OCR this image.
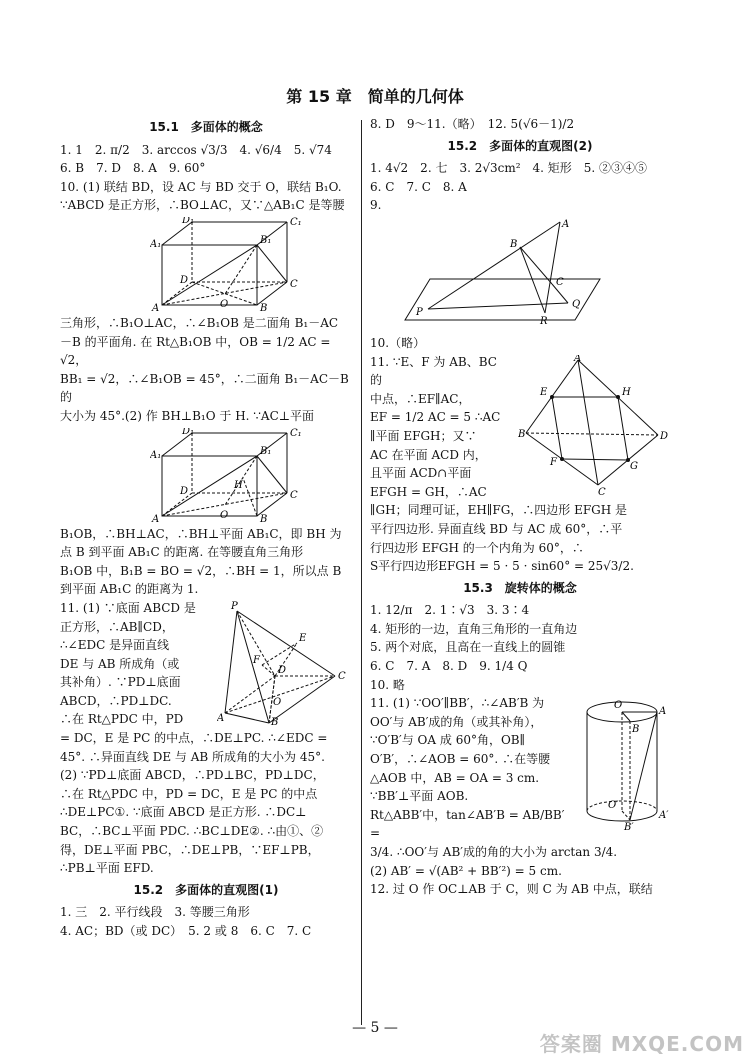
第 15 章　简单的几何体
15.1　多面体的概念

1. 1　2. π/2　3. arccos √3/3　4. √6/4　5. √74

6. B　7. D　8. A　9. 60°

10. (1) 联结 BD，设 AC 与 BD 交于 O，联结 B₁O.

∵ABCD 是正方形，∴BO⊥AC，又∵△AB₁C 是等腰

D₁	C₁
A₁	B₁
D	C
A	B
O

三角形，∴B₁O⊥AC，∴∠B₁OB 是二面角 B₁－AC

－B 的平面角. 在 Rt△B₁OB 中，OB = 1/2 AC = √2，

BB₁ = √2，∴∠B₁OB = 45°，∴二面角 B₁－AC－B 的

大小为 45°.(2) 作 BH⊥B₁O 于 H. ∵AC⊥平面

D₁	C₁
A₁	B₁
D	C
A	B
O
H

B₁OB，∴BH⊥AC，∴BH⊥平面 AB₁C，即 BH 为

点 B 到平面 AB₁C 的距离. 在等腰直角三角形

B₁OB 中，B₁B = BO = √2，∴BH = 1，所以点 B

到平面 AB₁C 的距离为 1.

P
E
F
D
C
A	B
O

11. (1) ∵底面 ABCD 是

正方形，∴AB∥CD，

∴∠EDC 是异面直线

DE 与 AB 所成角（或

其补角）. ∵PD⊥底面

ABCD，∴PD⊥DC.

∴在 Rt△PDC 中，PD

= DC，E 是 PC 的中点，∴DE⊥PC. ∴∠EDC =

45°. ∴异面直线 DE 与 AB 所成角的大小为 45°.

(2) ∵PD⊥底面 ABCD，∴PD⊥BC，PD⊥DC，

∴在 Rt△PDC 中，PD = DC，E 是 PC 的中点

∴DE⊥PC①. ∵底面 ABCD 是正方形. ∴DC⊥

BC，∴BC⊥平面 PDC. ∴BC⊥DE②. ∴由①、②

得，DE⊥平面 PBC，∴DE⊥PB，∵EF⊥PB，

∴PB⊥平面 EFD.

15.2　多面体的直观图(1)

1. 三　2. 平行线段　3. 等腰三角形

4. AC；BD（或 DC）　5. 2 或 8　6. C　7. C

8. D　9～11.（略）　12. 5(√6－1)/2

15.2　多面体的直观图(2)

1. 4√2　2. 七　3. 2√3cm²　4. 矩形　5. ②③④⑤

6. C　7. C　8. A

9.

A
B
C
P
R
Q

10.（略）

A
E	H
B	D
F	G
C

11. ∵E、F 为 AB、BC 的

中点，∴EF∥AC，

EF = 1/2 AC = 5 ∴AC

∥平面 EFGH；又∵

AC 在平面 ACD 内，

且平面 ACD∩平面

EFGH = GH，∴AC

∥GH；同理可证，EH∥FG，∴四边形 EFGH 是

平行四边形. 异面直线 BD 与 AC 成 60°，∴平

行四边形 EFGH 的一个内角为 60°，∴

S平行四边形EFGH = 5 · 5 · sin60° = 25√3/2.

15.3　旋转体的概念

1. 12/π　2. 1∶√3　3. 3∶4

4. 矩形的一边，直角三角形的一直角边

5. 两个对底，且高在一直线上的圆锥

6. C　7. A　8. D　9. 1/4 Q

10. 略

O
A
B
O′
A′
B′

11. (1) ∵OO′∥BB′，∴∠AB′B 为

OO′与 AB′成的角（或其补角），

∵O′B′与 OA 成 60°角，OB∥

O′B′，∴∠AOB = 60°. ∴在等腰

△AOB 中，AB = OA = 3 cm.

∵BB′⊥平面 AOB.

Rt△ABB′中，tan∠AB′B = AB/BB′ =

3/4. ∴OO′与 AB′成的角的大小为 arctan 3/4.

(2) AB′ = √(AB² + BB′²) = 5 cm.

12. 过 O 作 OC⊥AB 于 C，则 C 为 AB 中点，联结

— 5 —
答案圈 MXQE.COM
